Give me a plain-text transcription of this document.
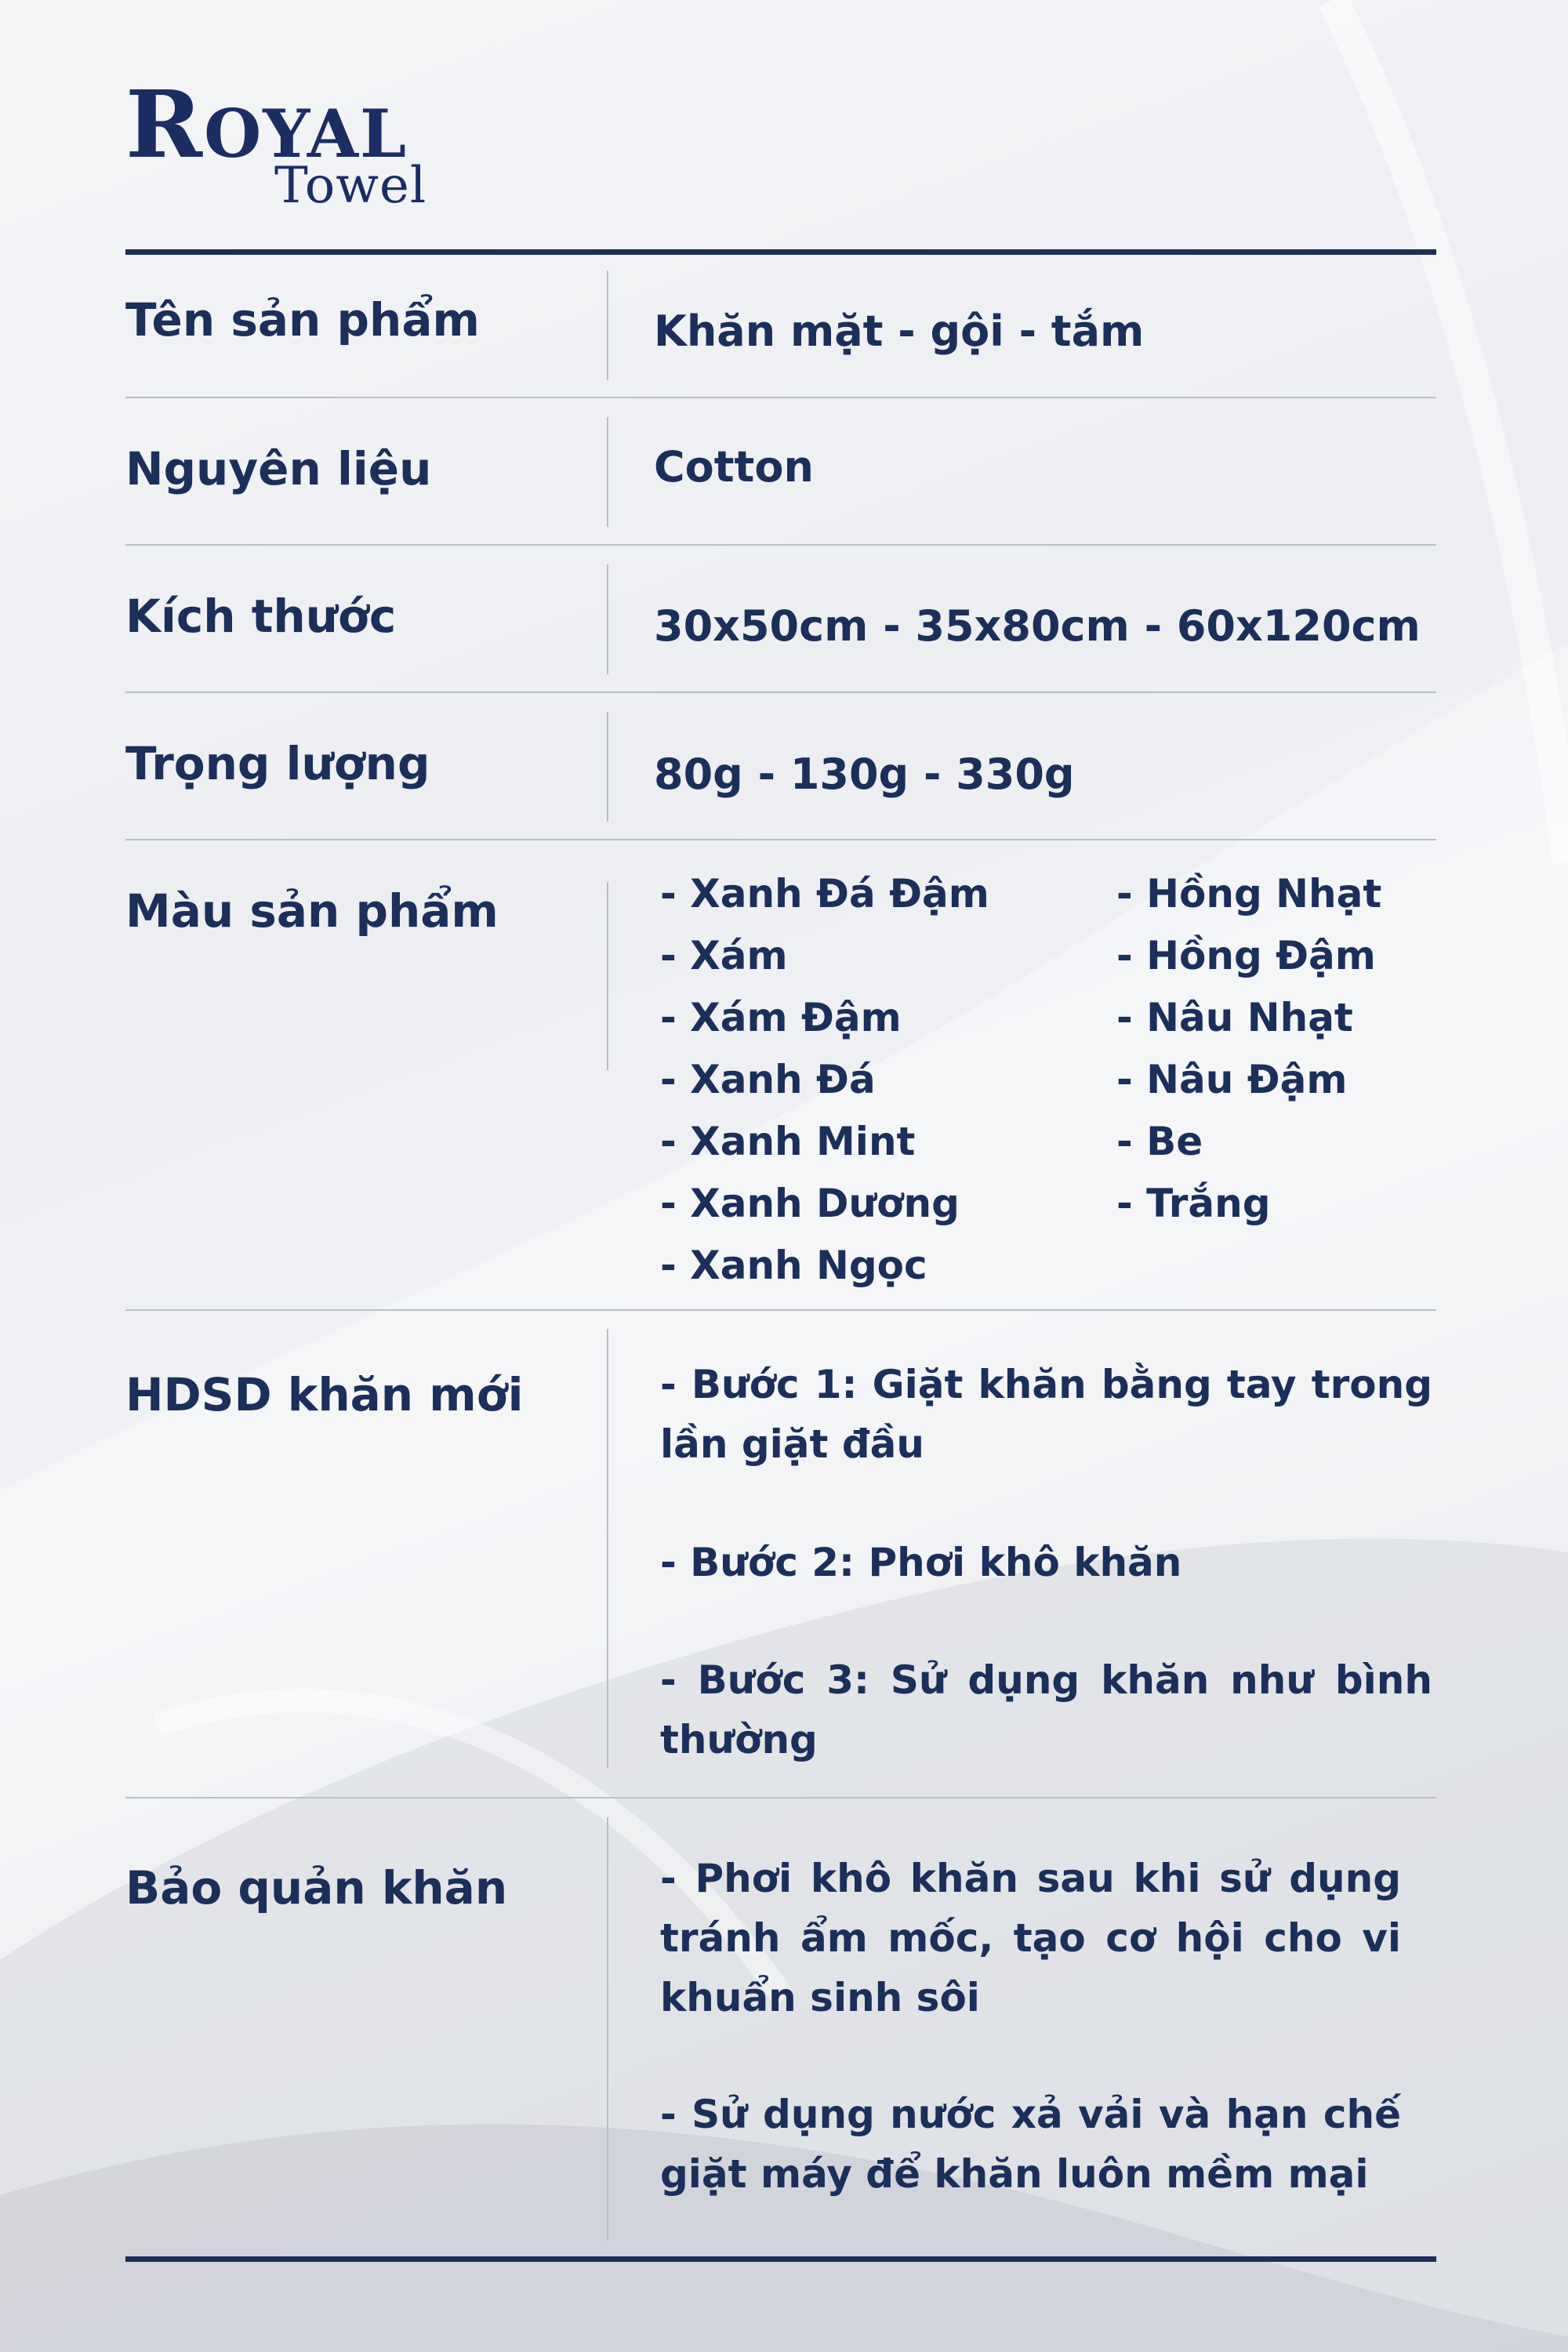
ROYAL
Towel
Tên sản phẩm	Khăn mặt - gội - tắm
Nguyên liệu	Cotton
Kích thước	30x50cm - 35x80cm - 60x120cm
Trọng lượng	80g - 130g - 330g
Màu sản phẩm	- Xanh Đá Đậm
- Xám
- Xám Đậm
- Xanh Đá
- Xanh Mint
- Xanh Dương
- Xanh Ngọc
- Hồng Nhạt
- Hồng Đậm
- Nâu Nhạt
- Nâu Đậm
- Be
- Trắng
HDSD khăn mới	- Bước 1: Giặt khăn bằng tay trong lần giặt đầu
- Bước 2: Phơi khô khăn
- Bước 3: Sử dụng khăn như bình thường
Bảo quản khăn	- Phơi khô khăn sau khi sử dụng tránh ẩm mốc, tạo cơ hội cho vi khuẩn sinh sôi
- Sử dụng nước xả vải và hạn chế giặt máy để khăn luôn mềm mại
